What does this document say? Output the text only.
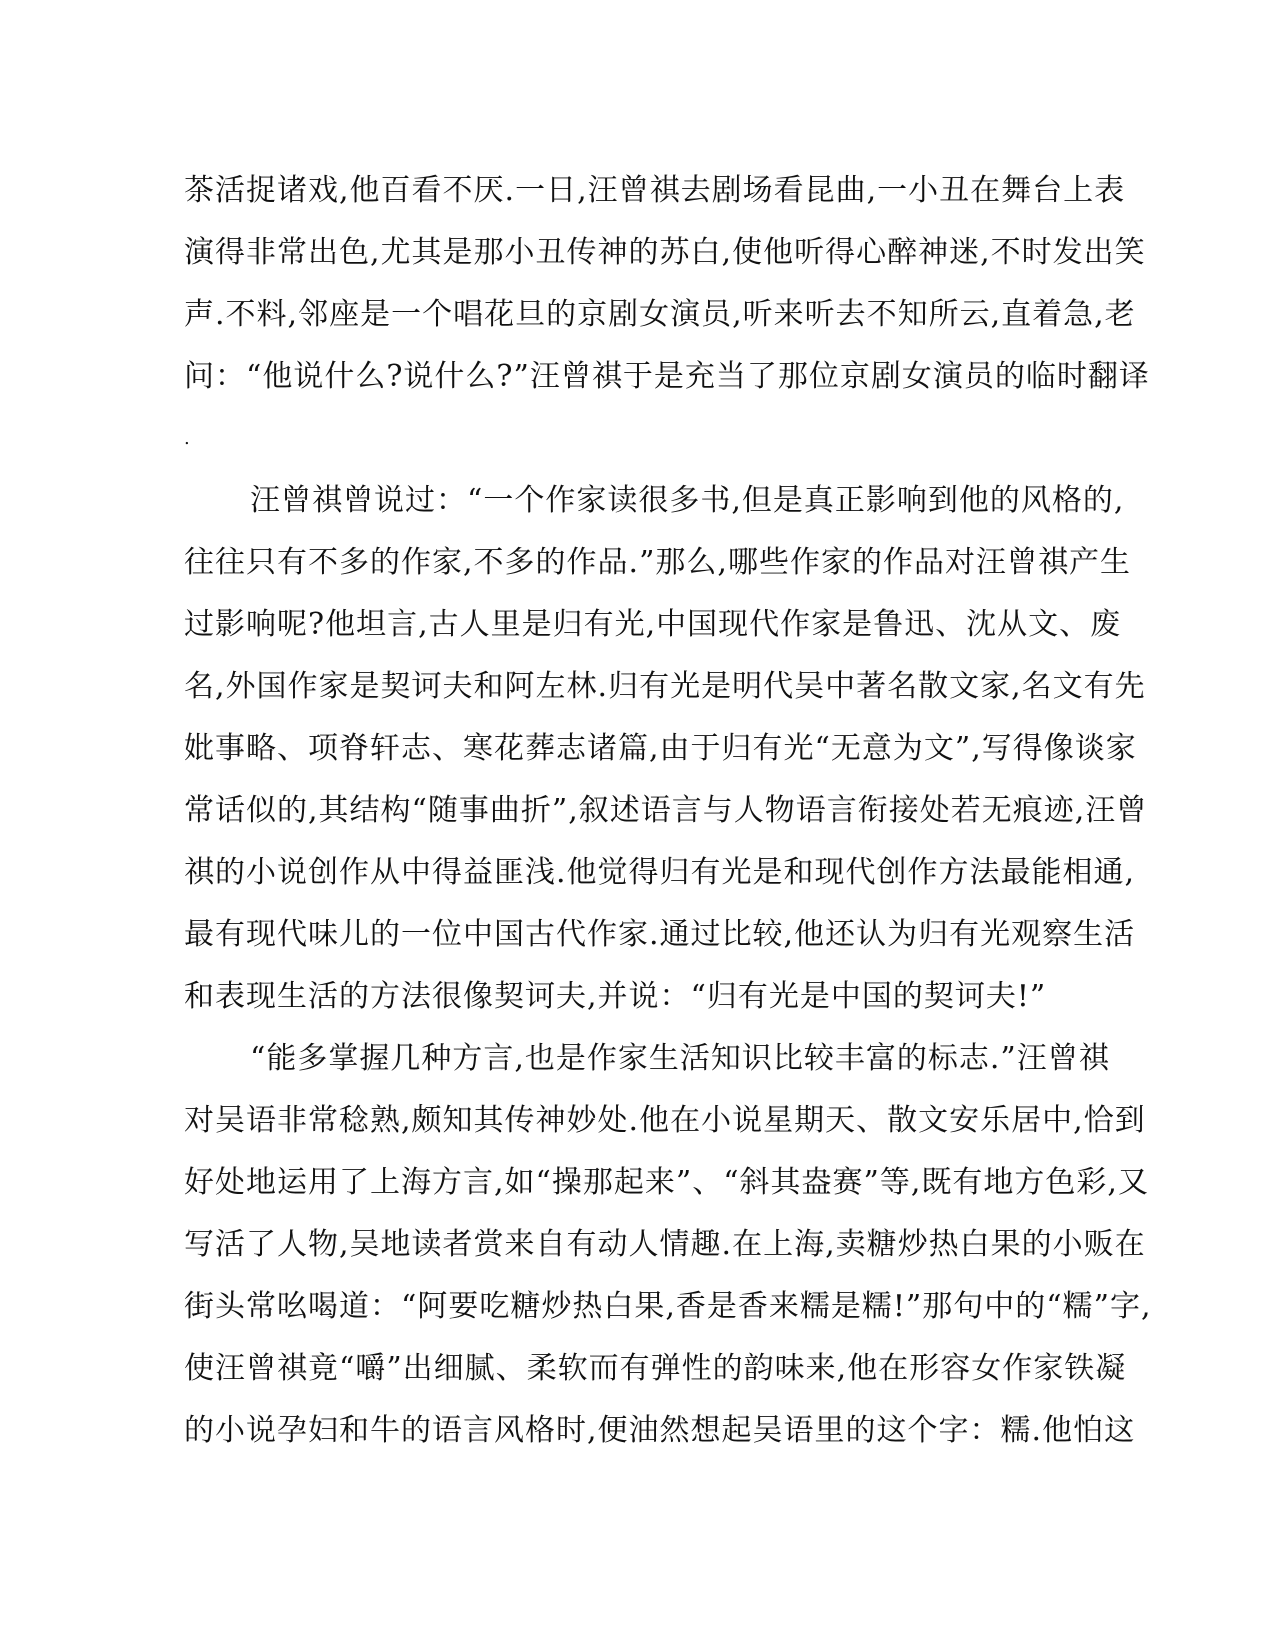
茶活捉诸戏,他百看不厌.一日,汪曾祺去剧场看昆曲,一小丑在舞台上表
演得非常出色,尤其是那小丑传神的苏白,使他听得心醉神迷,不时发出笑
声.不料,邻座是一个唱花旦的京剧女演员,听来听去不知所云,直着急,老
问：“他说什么?说什么?”汪曾祺于是充当了那位京剧女演员的临时翻译
.
汪曾祺曾说过：“一个作家读很多书,但是真正影响到他的风格的,
往往只有不多的作家,不多的作品.”那么,哪些作家的作品对汪曾祺产生
过影响呢?他坦言,古人里是归有光,中国现代作家是鲁迅、沈从文、废
名,外国作家是契诃夫和阿左林.归有光是明代吴中著名散文家,名文有先
妣事略、项脊轩志、寒花葬志诸篇,由于归有光“无意为文”,写得像谈家
常话似的,其结构“随事曲折”,叙述语言与人物语言衔接处若无痕迹,汪曾
祺的小说创作从中得益匪浅.他觉得归有光是和现代创作方法最能相通,
最有现代味儿的一位中国古代作家.通过比较,他还认为归有光观察生活
和表现生活的方法很像契诃夫,并说：“归有光是中国的契诃夫!”
“能多掌握几种方言,也是作家生活知识比较丰富的标志.”汪曾祺
对吴语非常稔熟,颇知其传神妙处.他在小说星期天、散文安乐居中,恰到
好处地运用了上海方言,如“操那起来”、“斜其盎赛”等,既有地方色彩,又
写活了人物,吴地读者赏来自有动人情趣.在上海,卖糖炒热白果的小贩在
街头常吆喝道：“阿要吃糖炒热白果,香是香来糯是糯!”那句中的“糯”字,
使汪曾祺竟“嚼”出细腻、柔软而有弹性的韵味来,他在形容女作家铁凝
的小说孕妇和牛的语言风格时,便油然想起吴语里的这个字：糯.他怕这
